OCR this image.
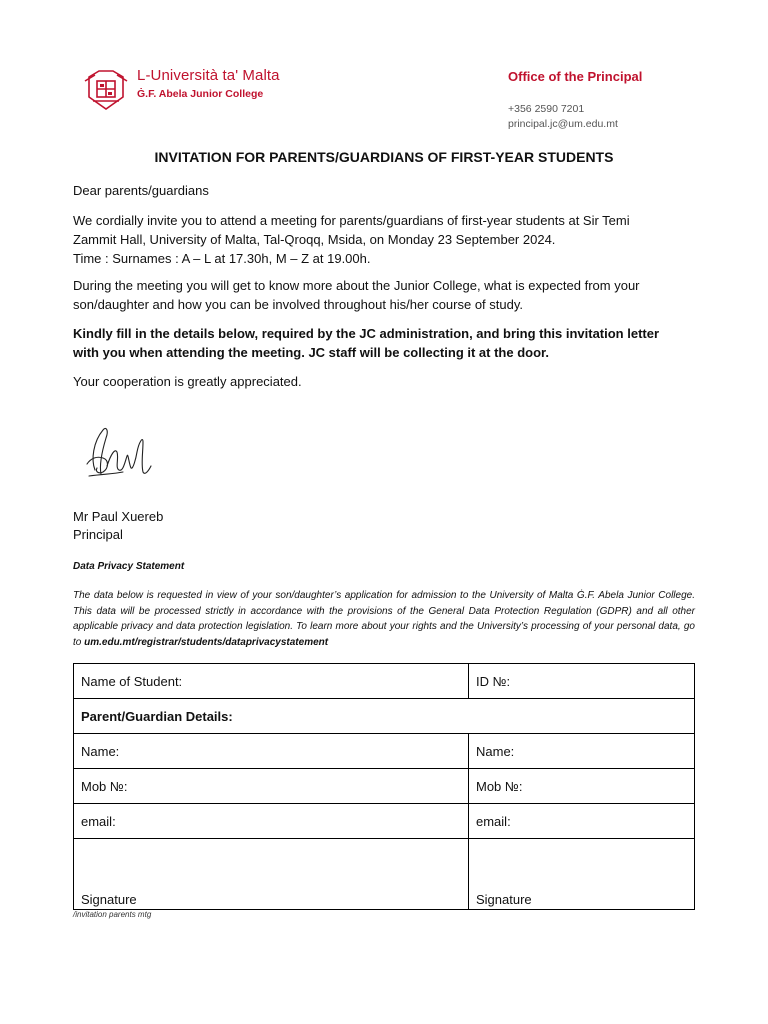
L-Università ta' Malta
Ġ.F. Abela Junior College
Office of the Principal
+356 2590 7201
principal.jc@um.edu.mt
INVITATION FOR PARENTS/GUARDIANS OF FIRST-YEAR STUDENTS
Dear parents/guardians
We cordially invite you to attend a meeting for parents/guardians of first-year students at Sir Temi
Zammit Hall, University of Malta, Tal-Qroqq, Msida, on Monday 23 September 2024.
Time : Surnames : A – L at 17.30h, M – Z at 19.00h.
During the meeting you will get to know more about the Junior College, what is expected from your
son/daughter and how you can be involved throughout his/her course of study.
Kindly fill in the details below, required by the JC administration, and bring this invitation letter
with you when attending the meeting. JC staff will be collecting it at the door.
Your cooperation is greatly appreciated.
Mr Paul Xuereb
Principal
Data Privacy Statement
The data below is requested in view of your son/daughter’s application for admission to the University of Malta Ġ.F. Abela Junior College. This data will be processed strictly in accordance with the provisions of the General Data Protection Regulation (GDPR) and all other applicable privacy and data protection legislation. To learn more about your rights and the University’s processing of your personal data, go to um.edu.mt/registrar/students/dataprivacystatement
Name of Student:	ID №:
Parent/Guardian Details:	
Name:	Name:
Mob №:	Mob №:
email:	email:
Signature	Signature
/invitation parents mtg
